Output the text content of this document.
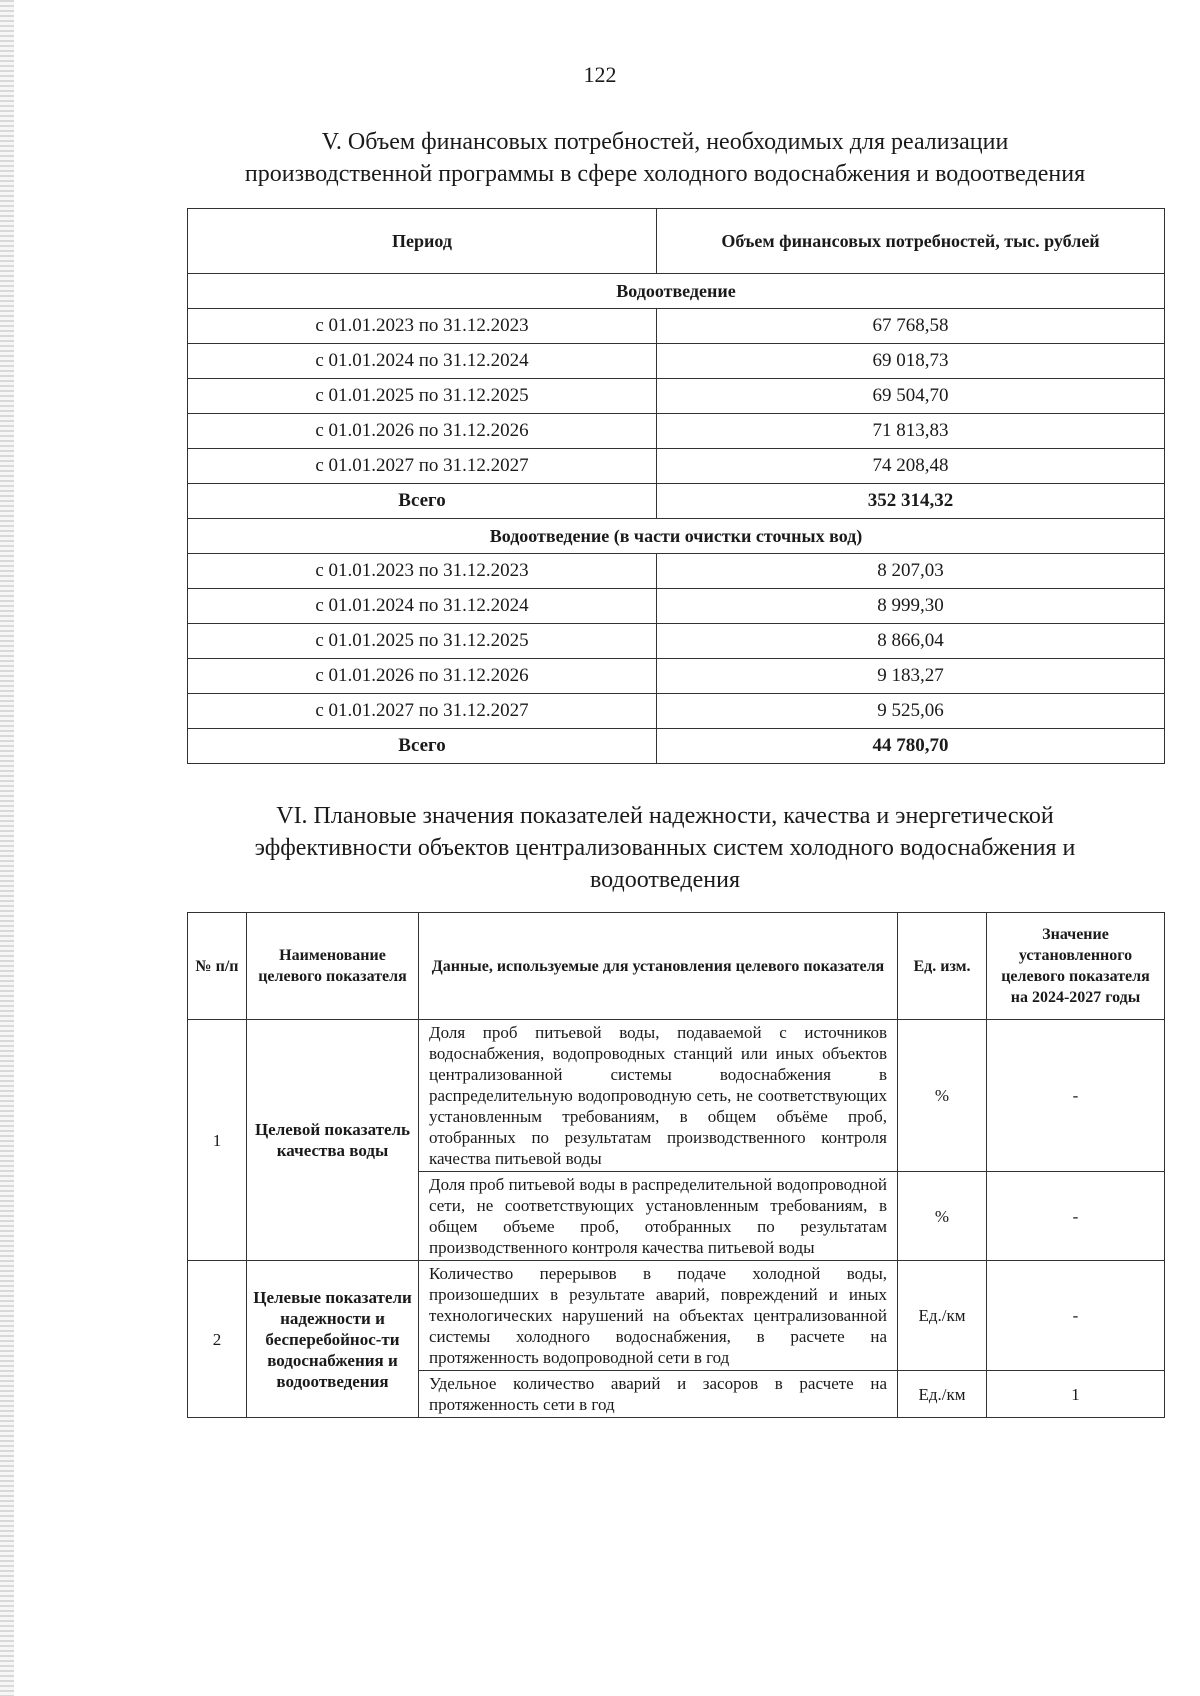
122
V. Объем финансовых потребностей, необходимых для реализации
производственной программы в сфере холодного водоснабжения и водоотведения
Период	Объем финансовых потребностей, тыс. рублей
Водоотведение	
с 01.01.2023 по 31.12.2023	67 768,58
с 01.01.2024 по 31.12.2024	69 018,73
с 01.01.2025 по 31.12.2025	69 504,70
с 01.01.2026 по 31.12.2026	71 813,83
с 01.01.2027 по 31.12.2027	74 208,48
Всего	352 314,32
Водоотведение (в части очистки сточных вод)	
с 01.01.2023 по 31.12.2023	8 207,03
с 01.01.2024 по 31.12.2024	8 999,30
с 01.01.2025 по 31.12.2025	8 866,04
с 01.01.2026 по 31.12.2026	9 183,27
с 01.01.2027 по 31.12.2027	9 525,06
Всего	44 780,70
VI. Плановые значения показателей надежности, качества и энергетической
эффективности объектов централизованных систем холодного водоснабжения и
водоотведения
№ п/п	Наименование целевого показателя	Данные, используемые для установления целевого показателя	Ед. изм.	Значение установленного целевого показателя на 2024-2027 годы
1	Целевой показатель качества воды	Доля проб питьевой воды, подаваемой с источников водоснабжения, водопроводных станций или иных объектов централизованной системы водоснабжения в распределительную водопроводную сеть, не соответствующих установленным требованиям, в общем объёме проб, отобранных по результатам производственного контроля качества питьевой воды	%	-
		Доля проб питьевой воды в распределительной водопроводной сети, не соответствующих установленным требованиям, в общем объеме проб, отобранных по результатам производственного контроля качества питьевой воды	%	-
2	Целевые показатели надежности и бесперебойнос-ти водоснабжения и водоотведения	Количество перерывов в подаче холодной воды, произошедших в результате аварий, повреждений и иных технологических нарушений на объектах централизованной системы холодного водоснабжения, в расчете на протяженность водопроводной сети в год	Ед./км	-
		Удельное количество аварий и засоров в расчете на протяженность сети в год	Ед./км	1
